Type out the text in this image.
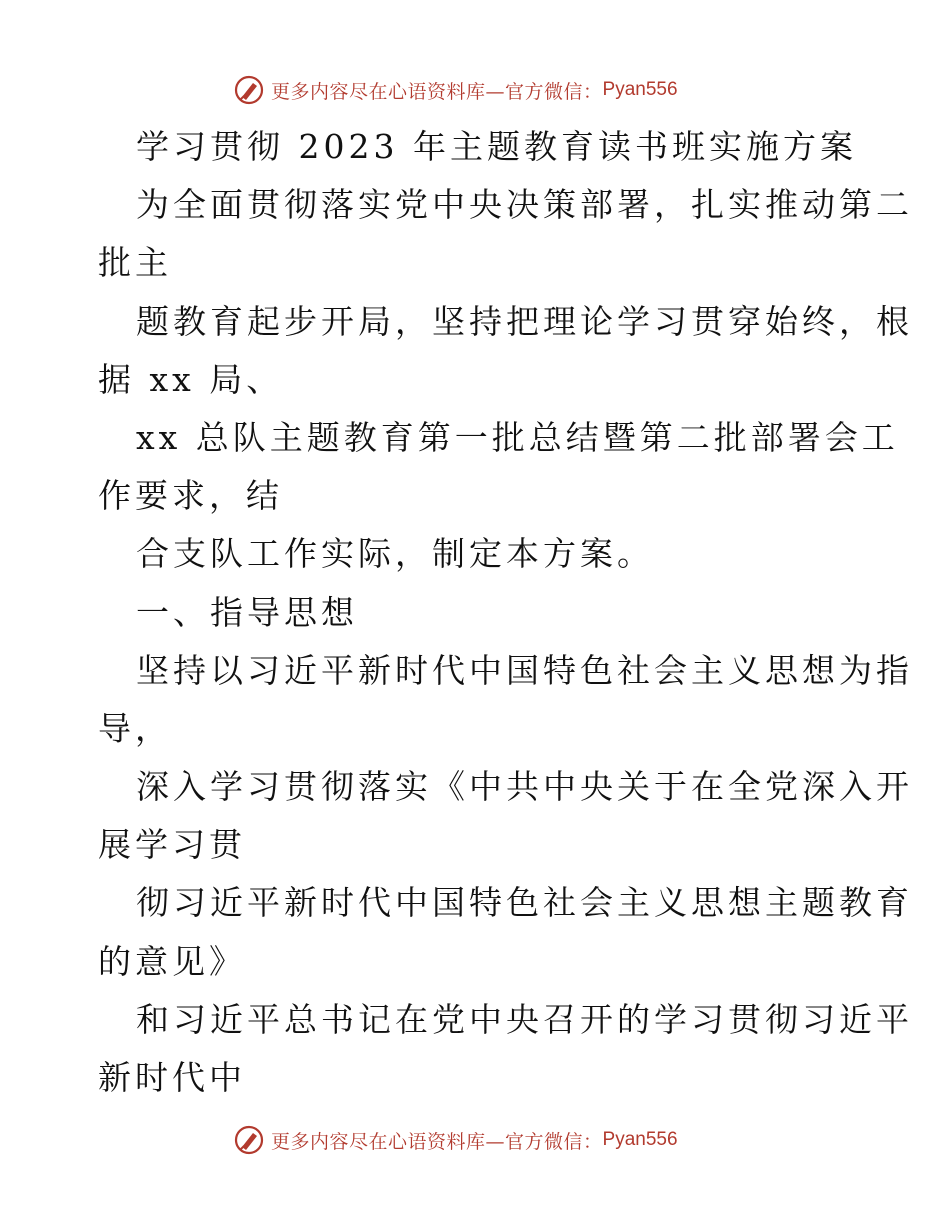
更多内容尽在心语资料库—官方微信： Pyan556
学习贯彻 2023 年主题教育读书班实施方案
为全面贯彻落实党中央决策部署，扎实推动第二
批主
题教育起步开局，坚持把理论学习贯穿始终，根
据 xx 局、
xx 总队主题教育第一批总结暨第二批部署会工
作要求，结
合支队工作实际，制定本方案。
一、指导思想
坚持以习近平新时代中国特色社会主义思想为指
导，
深入学习贯彻落实《中共中央关于在全党深入开
展学习贯
彻习近平新时代中国特色社会主义思想主题教育
的意见》
和习近平总书记在党中央召开的学习贯彻习近平
新时代中
更多内容尽在心语资料库—官方微信： Pyan556
